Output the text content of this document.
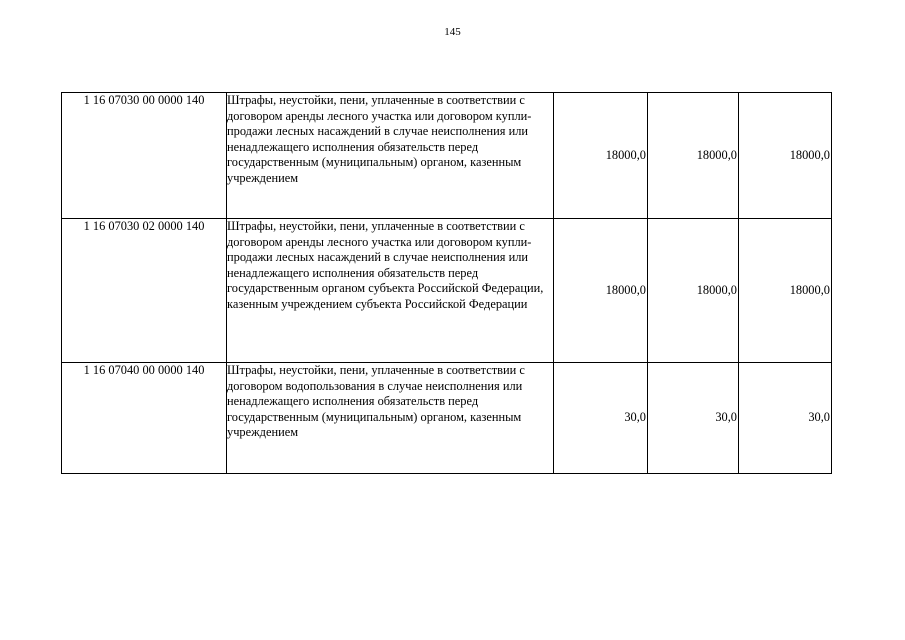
145
1 16 07030 00 0000 140	Штрафы, неустойки, пени, уплаченные в соответствии с договором аренды лесного участка или договором купли-продажи лесных насаждений в случае неисполнения или ненадлежащего исполнения обязательств перед государственным (муниципальным) органом, казенным учреждением	18000,0	18000,0	18000,0
1 16 07030 02 0000 140	Штрафы, неустойки, пени, уплаченные в соответствии с договором аренды лесного участка или договором купли-продажи лесных насаждений в случае неисполнения или ненадлежащего исполнения обязательств перед государственным органом субъекта Российской Федерации, казенным учреждением субъекта Российской Федерации	18000,0	18000,0	18000,0
1 16 07040 00 0000 140	Штрафы, неустойки, пени, уплаченные в соответствии с договором водопользования в случае неисполнения или ненадлежащего исполнения обязательств перед государственным (муниципальным) органом, казенным учреждением	30,0	30,0	30,0
